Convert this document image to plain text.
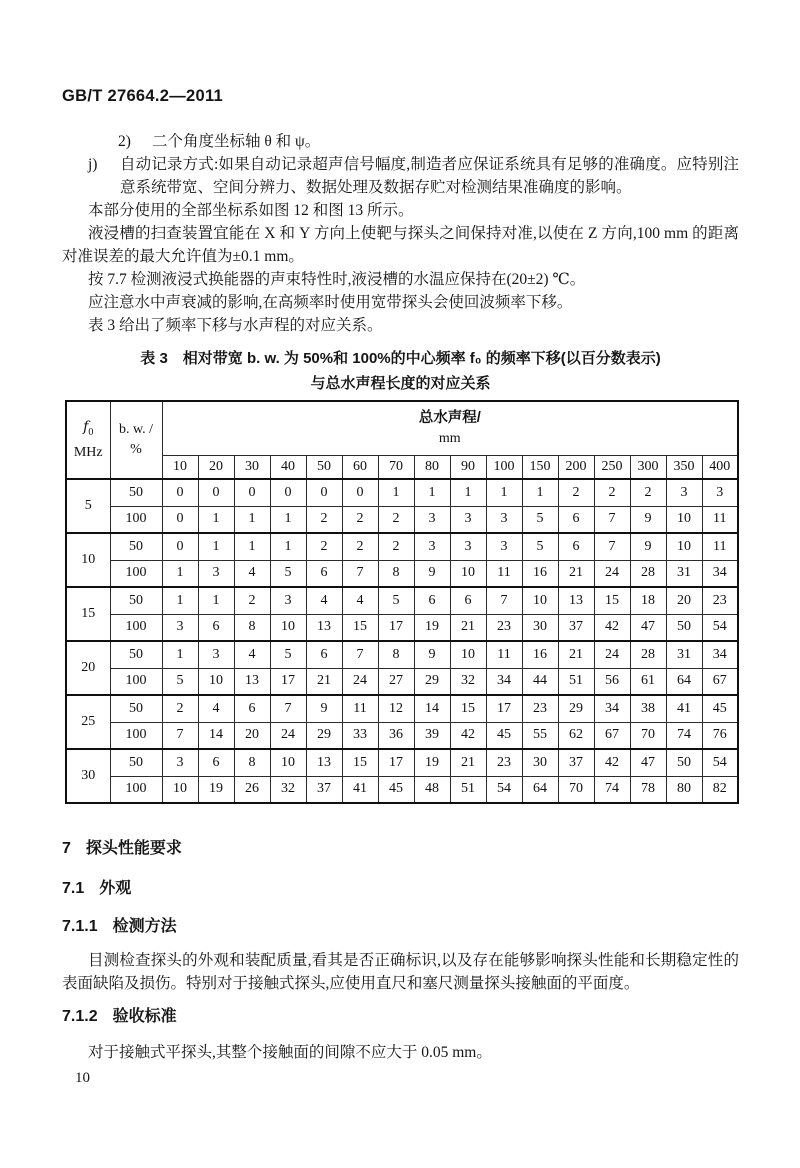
GB/T 27664.2—2011
2)	二个角度坐标轴 θ 和 ψ。
j)	自动记录方式:如果自动记录超声信号幅度,制造者应保证系统具有足够的准确度。应特别注意系统带宽、空间分辨力、数据处理及数据存贮对检测结果准确度的影响。
本部分使用的全部坐标系如图 12 和图 13 所示。
液浸槽的扫查装置宜能在 X 和 Y 方向上使靶与探头之间保持对准,以使在 Z 方向,100 mm 的距离对准误差的最大允许值为±0.1 mm。
按 7.7 检测液浸式换能器的声束特性时,液浸槽的水温应保持在(20±2) ℃。
应注意水中声衰减的影响,在高频率时使用宽带探头会使回波频率下移。
表 3 给出了频率下移与水声程的对应关系。
表 3　相对带宽 b. w. 为 50%和 100%的中心频率 f₀ 的频率下移(以百分数表示)
与总水声程长度的对应关系
$f_0$
MHz

b. w. /
%

总水声程/
mm

		10	20	30	40	50	60	70	80	90	100	150	200	250	300	350	400
5	50	0	0	0	0	0	0	1	1	1	1	1	2	2	2	3	3
	100	0	1	1	1	2	2	2	3	3	3	5	6	7	9	10	11
10	50	0	1	1	1	2	2	2	3	3	3	5	6	7	9	10	11
	100	1	3	4	5	6	7	8	9	10	11	16	21	24	28	31	34
15	50	1	1	2	3	4	4	5	6	6	7	10	13	15	18	20	23
	100	3	6	8	10	13	15	17	19	21	23	30	37	42	47	50	54
20	50	1	3	4	5	6	7	8	9	10	11	16	21	24	28	31	34
	100	5	10	13	17	21	24	27	29	32	34	44	51	56	61	64	67
25	50	2	4	6	7	9	11	12	14	15	17	23	29	34	38	41	45
	100	7	14	20	24	29	33	36	39	42	45	55	62	67	70	74	76
30	50	3	6	8	10	13	15	17	19	21	23	30	37	42	47	50	54
	100	10	19	26	32	37	41	45	48	51	54	64	70	74	78	80	82
7 探头性能要求
7.1 外观
7.1.1 检测方法
目测检查探头的外观和装配质量,看其是否正确标识,以及存在能够影响探头性能和长期稳定性的表面缺陷及损伤。特别对于接触式探头,应使用直尺和塞尺测量探头接触面的平面度。
7.1.2 验收标准
对于接触式平探头,其整个接触面的间隙不应大于 0.05 mm。
10
